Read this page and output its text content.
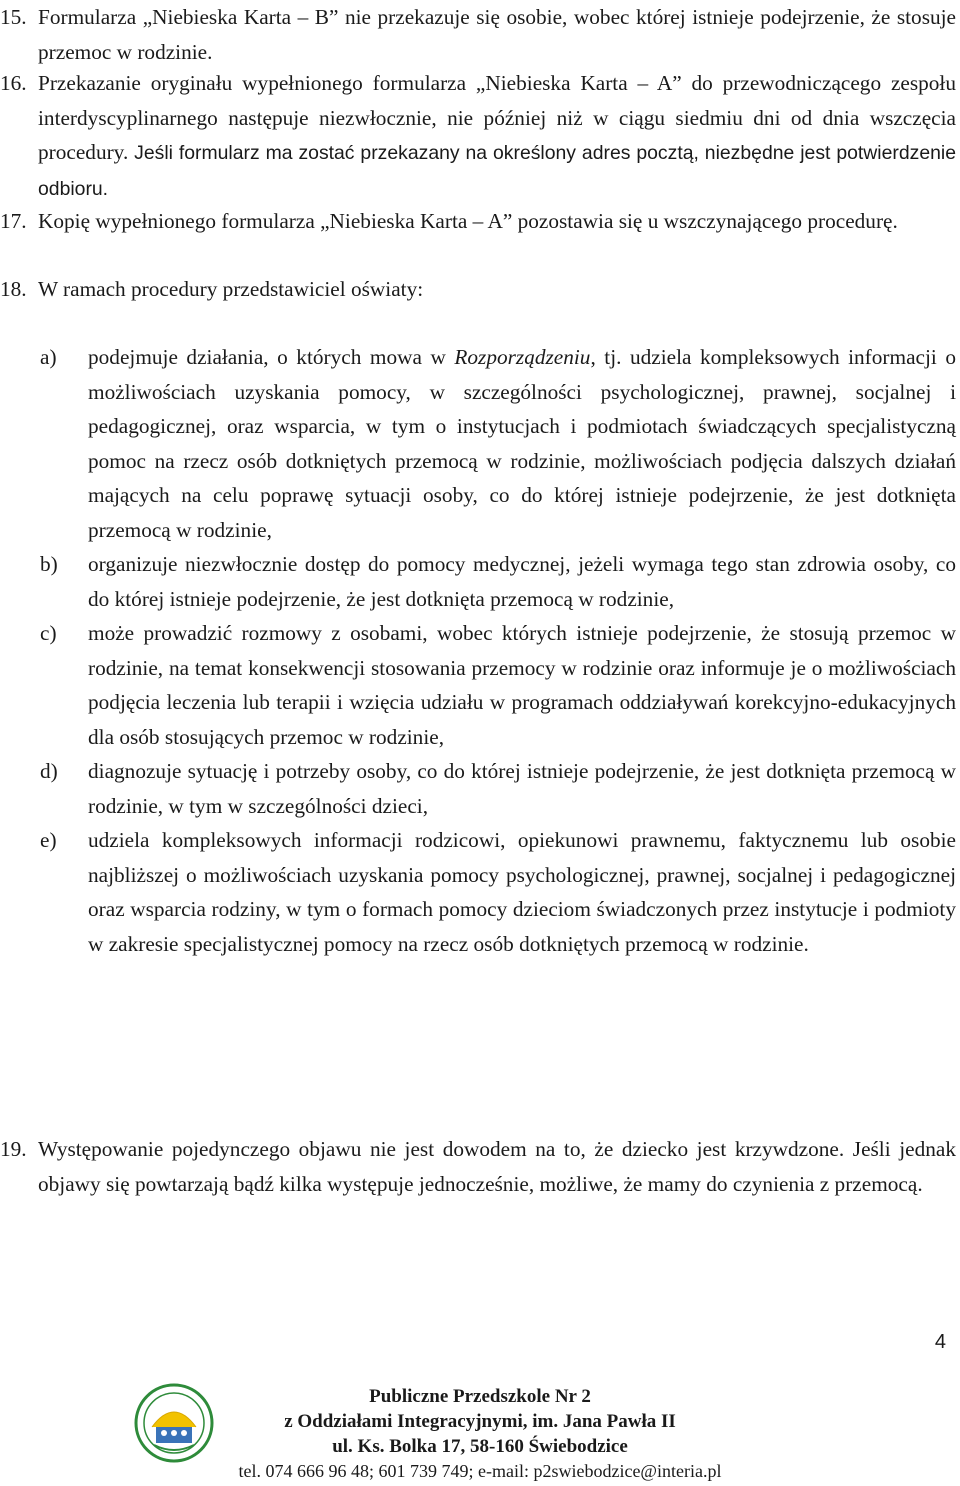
15. Formularza „Niebieska Karta – B” nie przekazuje się osobie, wobec której istnieje podejrzenie, że stosuje przemoc w rodzinie.
16. Przekazanie oryginału wypełnionego formularza „Niebieska Karta – A” do przewodniczącego zespołu interdyscyplinarnego następuje niezwłocznie, nie później niż w ciągu siedmiu dni od dnia wszczęcia procedury. Jeśli formularz ma zostać przekazany na określony adres pocztą, niezbędne jest potwierdzenie odbioru.
17. Kopię wypełnionego formularza „Niebieska Karta – A” pozostawia się u wszczynającego procedurę.
18. W ramach procedury przedstawiciel oświaty:
a) podejmuje działania, o których mowa w Rozporządzeniu, tj. udziela kompleksowych informacji o możliwościach uzyskania pomocy, w szczególności psychologicznej, prawnej, socjalnej i pedagogicznej, oraz wsparcia, w tym o instytucjach i podmiotach świadczących specjalistyczną pomoc na rzecz osób dotkniętych przemocą w rodzinie, możliwościach podjęcia dalszych działań mających na celu poprawę sytuacji osoby, co do której istnieje podejrzenie, że jest dotknięta przemocą w rodzinie,
b) organizuje niezwłocznie dostęp do pomocy medycznej, jeżeli wymaga tego stan zdrowia osoby, co do której istnieje podejrzenie, że jest dotknięta przemocą w rodzinie,
c) może prowadzić rozmowy z osobami, wobec których istnieje podejrzenie, że stosują przemoc w rodzinie, na temat konsekwencji stosowania przemocy w rodzinie oraz informuje je o możliwościach podjęcia leczenia lub terapii i wzięcia udziału w programach oddziaływań korekcyjno-edukacyjnych dla osób stosujących przemoc w rodzinie,
d) diagnozuje sytuację i potrzeby osoby, co do której istnieje podejrzenie, że jest dotknięta przemocą w rodzinie, w tym w szczególności dzieci,
e) udziela kompleksowych informacji rodzicowi, opiekunowi prawnemu, faktycznemu lub osobie najbliższej o możliwościach uzyskania pomocy psychologicznej, prawnej, socjalnej i pedagogicznej oraz wsparcia rodziny, w tym o formach pomocy dzieciom świadczonych przez instytucje i podmioty w zakresie specjalistycznej pomocy na rzecz osób dotkniętych przemocą w rodzinie.
19. Występowanie pojedynczego objawu nie jest dowodem na to, że dziecko jest krzywdzone. Jeśli jednak objawy się powtarzają bądź kilka występuje jednocześnie, możliwe, że mamy do czynienia z przemocą.
4
Publiczne Przedszkole Nr 2
z Oddziałami Integracyjnymi, im. Jana Pawła II
ul. Ks. Bolka 17, 58-160 Świebodzice
tel. 074 666 96 48; 601 739 749; e-mail: p2swiebodzice@interia.pl
